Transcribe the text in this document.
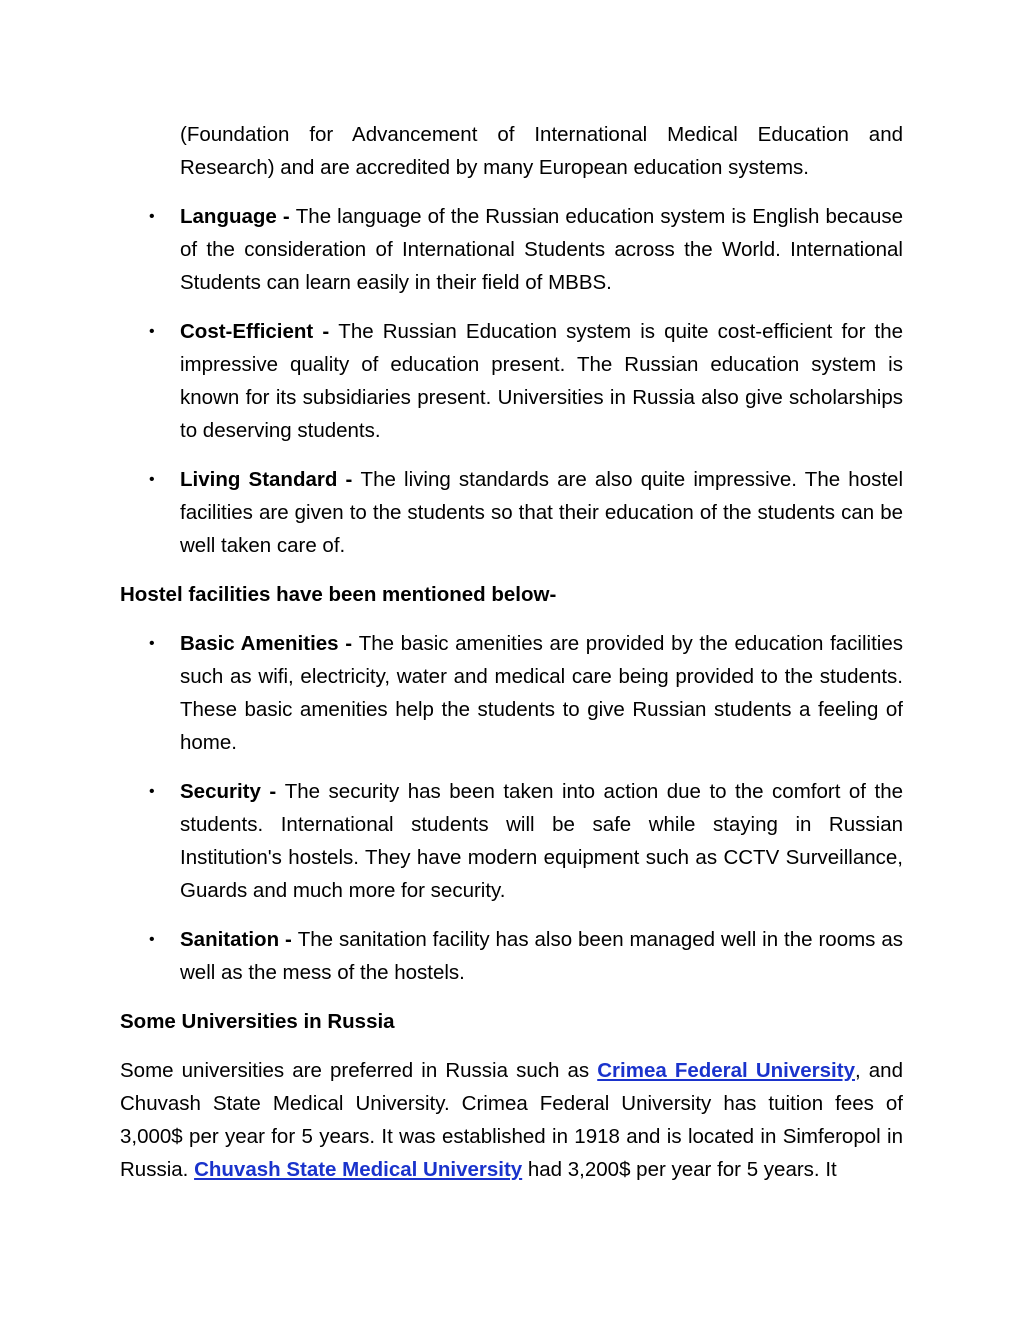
(Foundation for Advancement of International Medical Education and Research) and are accredited by many European education systems.

• Language - The language of the Russian education system is English because of the consideration of International Students across the World. International Students can learn easily in their field of MBBS.
• Cost-Efficient - The Russian Education system is quite cost-efficient for the impressive quality of education present. The Russian education system is known for its subsidiaries present. Universities in Russia also give scholarships to deserving students.
• Living Standard - The living standards are also quite impressive. The hostel facilities are given to the students so that their education of the students can be well taken care of.

Hostel facilities have been mentioned below-

• Basic Amenities - The basic amenities are provided by the education facilities such as wifi, electricity, water and medical care being provided to the students. These basic amenities help the students to give Russian students a feeling of home.
• Security - The security has been taken into action due to the comfort of the students. International students will be safe while staying in Russian Institution's hostels. They have modern equipment such as CCTV Surveillance, Guards and much more for security.
• Sanitation - The sanitation facility has also been managed well in the rooms as well as the mess of the hostels.

Some Universities in Russia

Some universities are preferred in Russia such as Crimea Federal University, and Chuvash State Medical University. Crimea Federal University has tuition fees of 3,000$ per year for 5 years. It was established in 1918 and is located in Simferopol in Russia. Chuvash State Medical University had 3,200$ per year for 5 years. It
